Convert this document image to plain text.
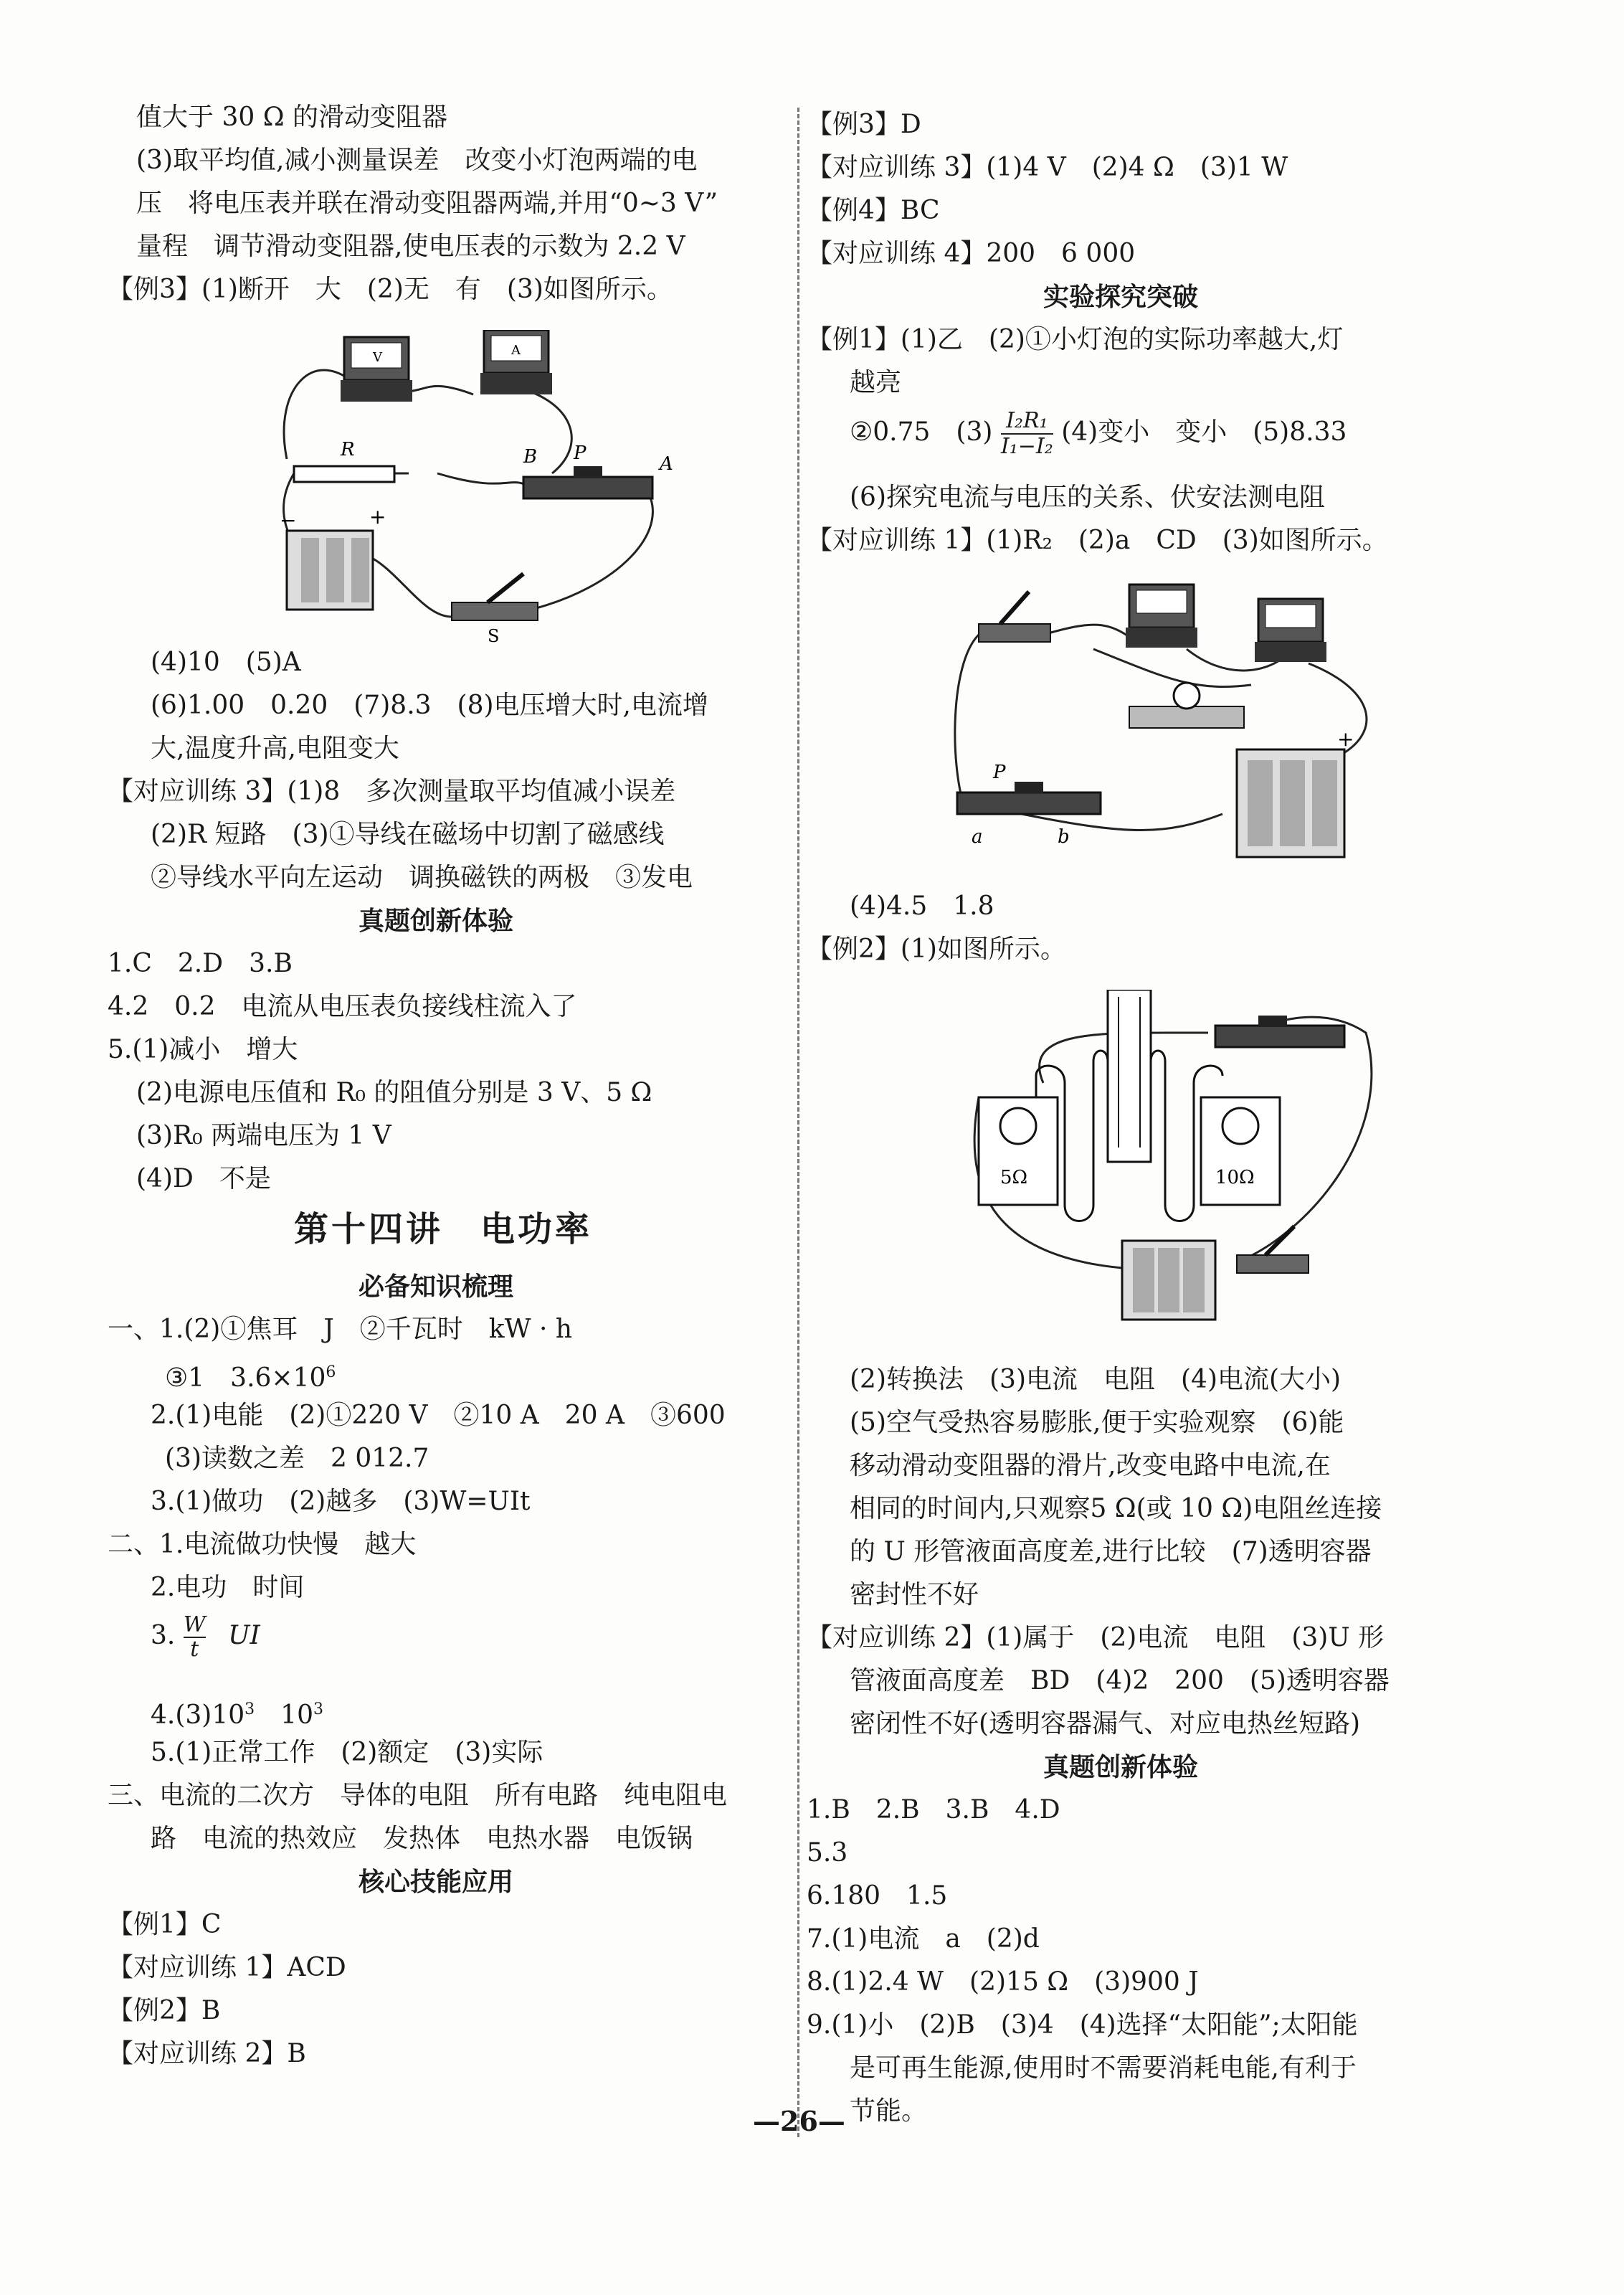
值大于 30 Ω 的滑动变阻器
(3)取平均值,减小测量误差　改变小灯泡两端的电
压　将电压表并联在滑动变阻器两端,并用“0~3 V”
量程　调节滑动变阻器,使电压表的示数为 2.2 V
【例3】(1)断开　大　(2)无　有　(3)如图所示。
V	A
R	B P	A
−	+
S
(4)10　(5)A
(6)1.00　0.20　(7)8.3　(8)电压增大时,电流增
大,温度升高,电阻变大
【对应训练 3】(1)8　多次测量取平均值减小误差
(2)R 短路　(3)①导线在磁场中切割了磁感线
②导线水平向左运动　调换磁铁的两极　③发电
真题创新体验
1.C　2.D　3.B
4.2　0.2　电流从电压表负接线柱流入了
5.(1)减小　增大
(2)电源电压值和 R₀ 的阻值分别是 3 V、5 Ω
(3)R₀ 两端电压为 1 V
(4)D　不是
第十四讲　电功率
必备知识梳理
一、1.(2)①焦耳　J　②千瓦时　kW · h
③1　$3.6\times 10^6$
2.(1)电能　(2)①220 V　②10 A　20 A　③600
(3)读数之差　2 012.7
3.(1)做功　(2)越多　(3)W=UIt
二、1.电流做功快慢　越大
2.电功　时间
3. $\frac{W}{t}$ UI
$4.(3)10^3$　 $10^3$
5.(1)正常工作　(2)额定　(3)实际
三、电流的二次方　导体的电阻　所有电路　纯电阻电
路　电流的热效应　发热体　电热水器　电饭锅
核心技能应用
【例1】C
【对应训练 1】ACD
【例2】B
【对应训练 2】B
【例3】D
【对应训练 3】(1)4 V　(2)4 Ω　(3)1 W
【例4】BC
【对应训练 4】200　6 000
实验探究突破
【例1】(1)乙　(2)①小灯泡的实际功率越大,灯
越亮
②0.75　$(3) \frac{\text{I₂R₁}}{\text{I₁−I₂}} (4)$变小　变小　(5)8.33
(6)探究电流与电压的关系、伏安法测电阻
【对应训练 1】(1)R₂　(2)a　CD　(3)如图所示。
P
a	b
+
(4)4.5　1.8
【例2】(1)如图所示。
5Ω	10Ω
(2)转换法　(3)电流　电阻　(4)电流(大小)
(5)空气受热容易膨胀,便于实验观察　(6)能
移动滑动变阻器的滑片,改变电路中电流,在
相同的时间内,只观察5 Ω(或 10 Ω)电阻丝连接
的 U 形管液面高度差,进行比较　(7)透明容器
密封性不好
【对应训练 2】(1)属于　(2)电流　电阻　(3)U 形
管液面高度差　BD　(4)2　200　(5)透明容器
密闭性不好(透明容器漏气、对应电热丝短路)
真题创新体验
1.B　2.B　3.B　4.D
5.3
6.180　1.5
7.(1)电流　a　(2)d
8.(1)2.4 W　(2)15 Ω　(3)900 J
9.(1)小　(2)B　(3)4　(4)选择“太阳能”;太阳能
是可再生能源,使用时不需要消耗电能,有利于
节能。
—26—
